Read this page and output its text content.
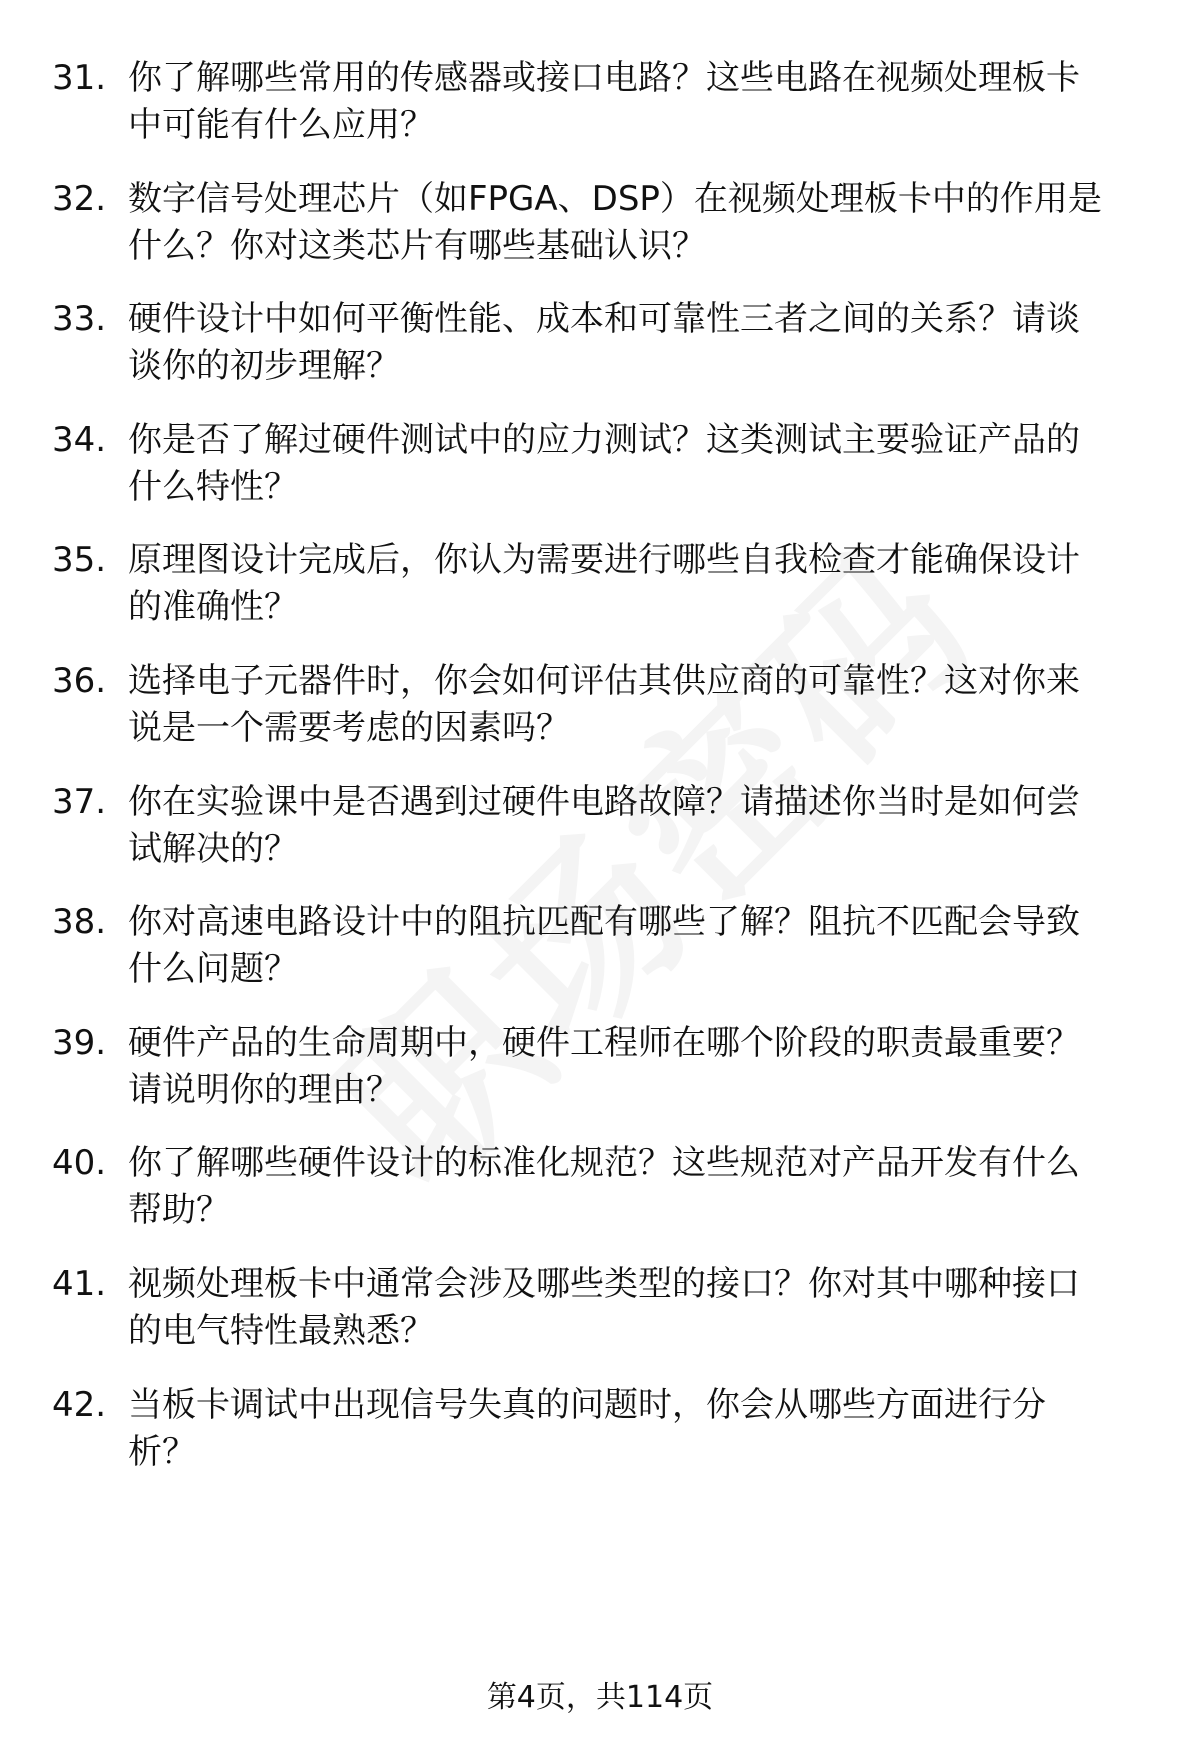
31. 你了解哪些常用的传感器或接口电路？这些电路在视频处理板卡
中可能有什么应用？

32. 数字信号处理芯片（如FPGA、DSP）在视频处理板卡中的作用是
什么？你对这类芯片有哪些基础认识？

33. 硬件设计中如何平衡性能、成本和可靠性三者之间的关系？请谈
谈你的初步理解？

34. 你是否了解过硬件测试中的应力测试？这类测试主要验证产品的
什么特性？

35. 原理图设计完成后，你认为需要进行哪些自我检查才能确保设计
的准确性？

36. 选择电子元器件时，你会如何评估其供应商的可靠性？这对你来
说是一个需要考虑的因素吗？

37. 你在实验课中是否遇到过硬件电路故障？请描述你当时是如何尝
试解决的？

38. 你对高速电路设计中的阻抗匹配有哪些了解？阻抗不匹配会导致
什么问题？

39. 硬件产品的生命周期中，硬件工程师在哪个阶段的职责最重要？
请说明你的理由？

40. 你了解哪些硬件设计的标准化规范？这些规范对产品开发有什么
帮助？

41. 视频处理板卡中通常会涉及哪些类型的接口？你对其中哪种接口
的电气特性最熟悉？

42. 当板卡调试中出现信号失真的问题时，你会从哪些方面进行分
析？

第4页，共114页
